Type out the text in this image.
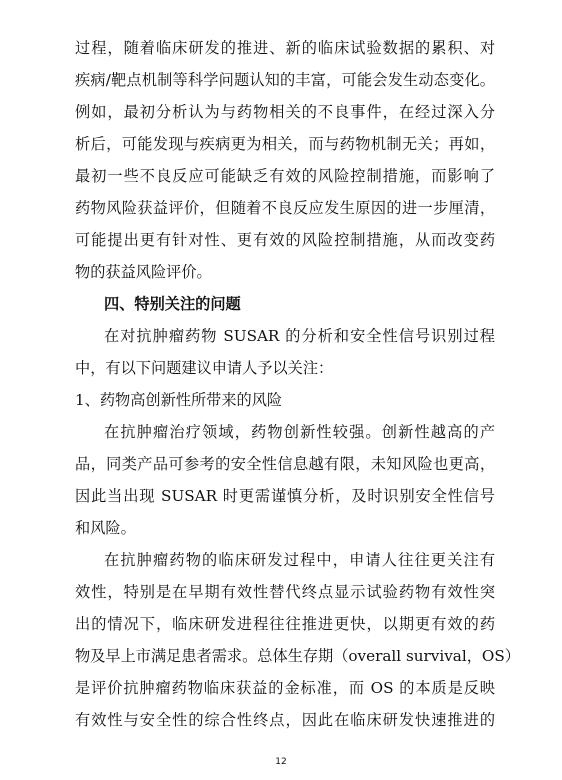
过程，随着临床研发的推进、新的临床试验数据的累积、对
疾病/靶点机制等科学问题认知的丰富，可能会发生动态变化。
例如，最初分析认为与药物相关的不良事件，在经过深入分
析后，可能发现与疾病更为相关，而与药物机制无关；再如，
最初一些不良反应可能缺乏有效的风险控制措施，而影响了
药物风险获益评价，但随着不良反应发生原因的进一步厘清，
可能提出更有针对性、更有效的风险控制措施，从而改变药
物的获益风险评价。
四、特别关注的问题
在对抗肿瘤药物 SUSAR 的分析和安全性信号识别过程
中，有以下问题建议申请人予以关注：
1、药物高创新性所带来的风险
在抗肿瘤治疗领域，药物创新性较强。创新性越高的产
品，同类产品可参考的安全性信息越有限，未知风险也更高，
因此当出现 SUSAR 时更需谨慎分析，及时识别安全性信号
和风险。
在抗肿瘤药物的临床研发过程中，申请人往往更关注有
效性，特别是在早期有效性替代终点显示试验药物有效性突
出的情况下，临床研发进程往往推进更快，以期更有效的药
物及早上市满足患者需求。总体生存期（overall survival，OS）
是评价抗肿瘤药物临床获益的金标准，而 OS 的本质是反映
有效性与安全性的综合性终点，因此在临床研发快速推进的
12
